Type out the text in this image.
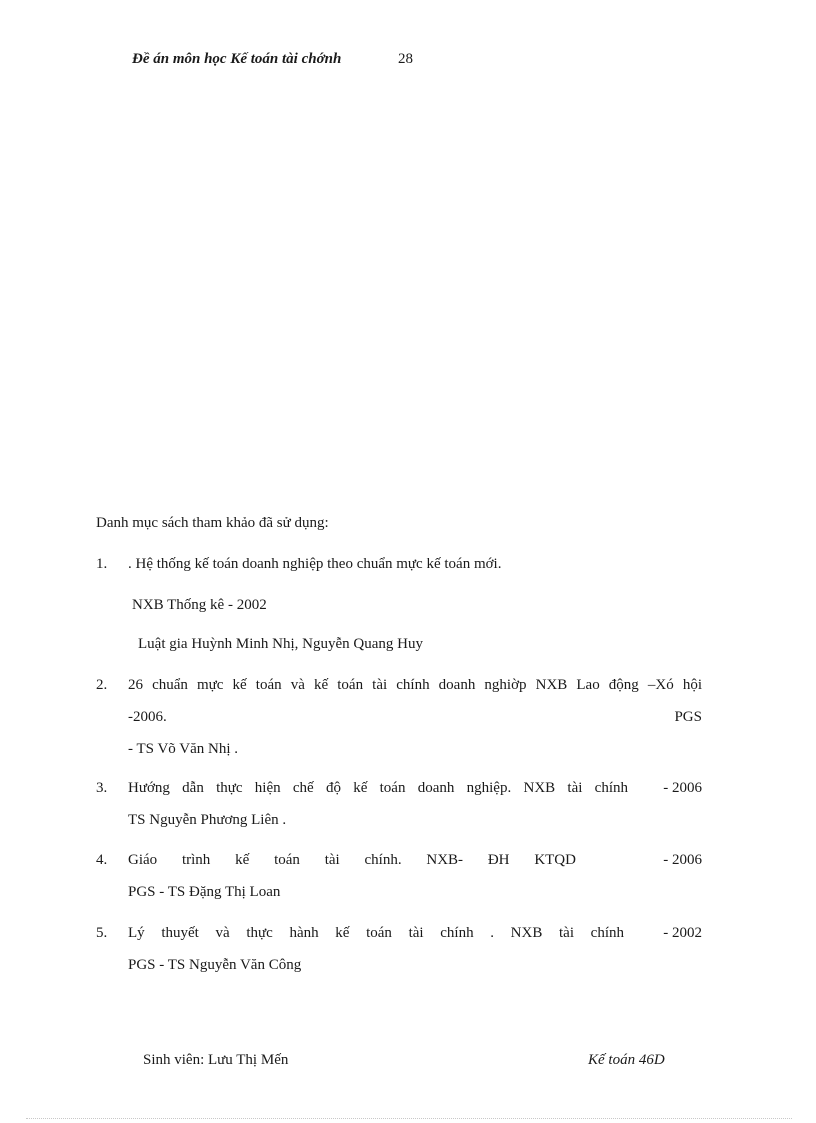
Đề án môn học Kế toán tài chớnh	28
Danh mục sách tham khảo đã sử dụng:
1. . Hệ thống kế toán doanh nghiệp theo chuẩn mực kế toán mới.
NXB Thống kê - 2002
Luật gia Huỳnh Minh Nhị, Nguyễn Quang Huy
2. 26 chuẩn mực kế toán và kế toán tài chính doanh nghiờp NXB Lao động –Xó hội
-2006.	PGS
- TS Võ Văn Nhị .
3. Hướng dẫn thực hiện chế độ kế toán doanh nghiệp. NXB tài chính - 2006
TS Nguyễn Phương Liên .
4. Giáo trình kế toán tài chính. NXB- ĐH KTQD	- 2006
PGS - TS Đặng Thị Loan
5. Lý thuyết và thực hành kế toán tài chính . NXB tài chính	- 2002
PGS - TS Nguyễn Văn Công
Sinh viên: Lưu Thị Mến	Kế toán 46D
